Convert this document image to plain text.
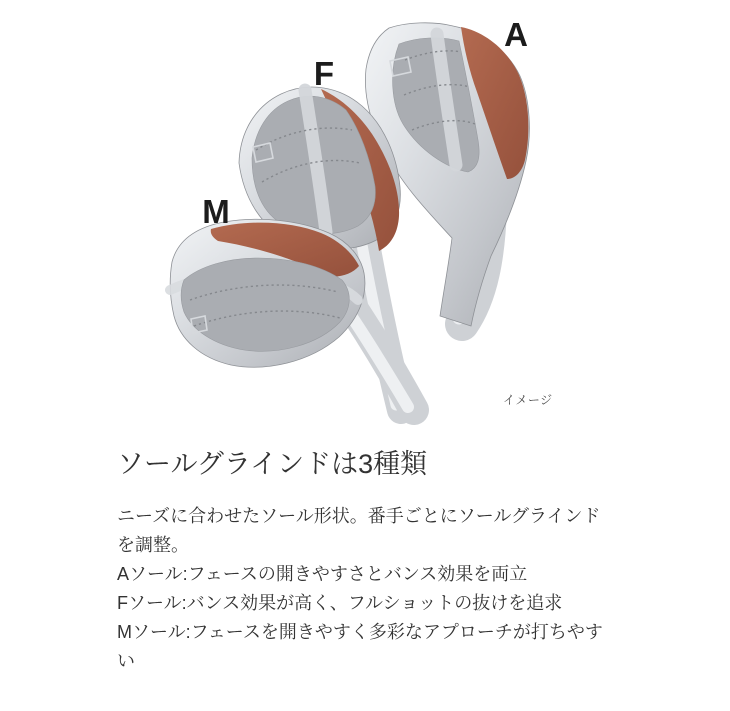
A
F
M
イメージ
ソールグラインドは3種類
ニーズに合わせたソール形状。番手ごとにソールグラインドを調整。
Aソール:フェースの開きやすさとバンス効果を両立
Fソール:バンス効果が高く、フルショットの抜けを追求
Mソール:フェースを開きやすく多彩なアプローチが打ちやすい
